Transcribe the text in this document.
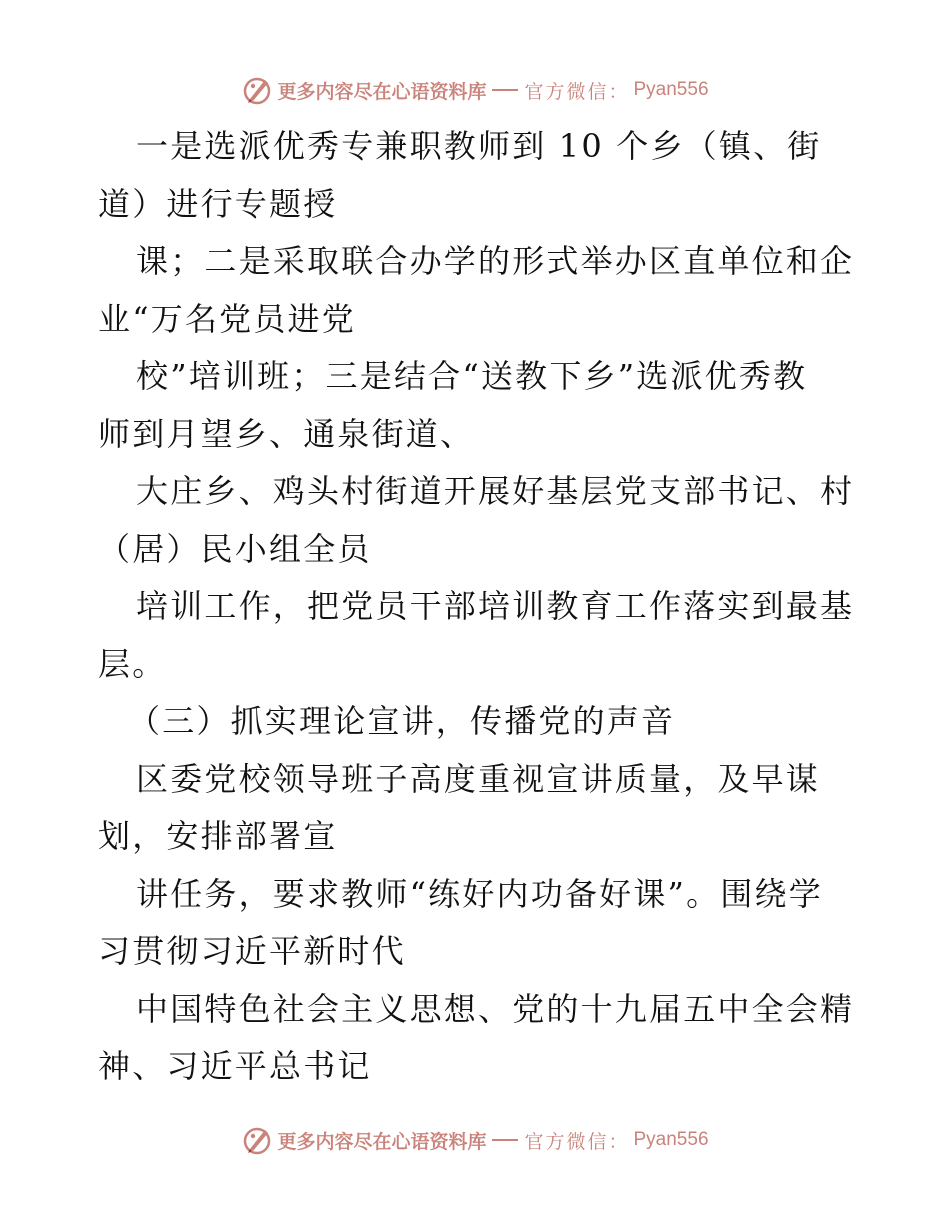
更多内容尽在心语资料库 官方微信： Pyan556
一是选派优秀专兼职教师到 10 个乡（镇、街
道）进行专题授
课；二是采取联合办学的形式举办区直单位和企
业“万名党员进党
校”培训班；三是结合“送教下乡”选派优秀教
师到月望乡、通泉街道、
大庄乡、鸡头村街道开展好基层党支部书记、村
（居）民小组全员
培训工作，把党员干部培训教育工作落实到最基
层。
（三）抓实理论宣讲，传播党的声音
区委党校领导班子高度重视宣讲质量，及早谋
划，安排部署宣
讲任务，要求教师“练好内功备好课”。围绕学
习贯彻习近平新时代
中国特色社会主义思想、党的十九届五中全会精
神、习近平总书记
更多内容尽在心语资料库 官方微信： Pyan556
